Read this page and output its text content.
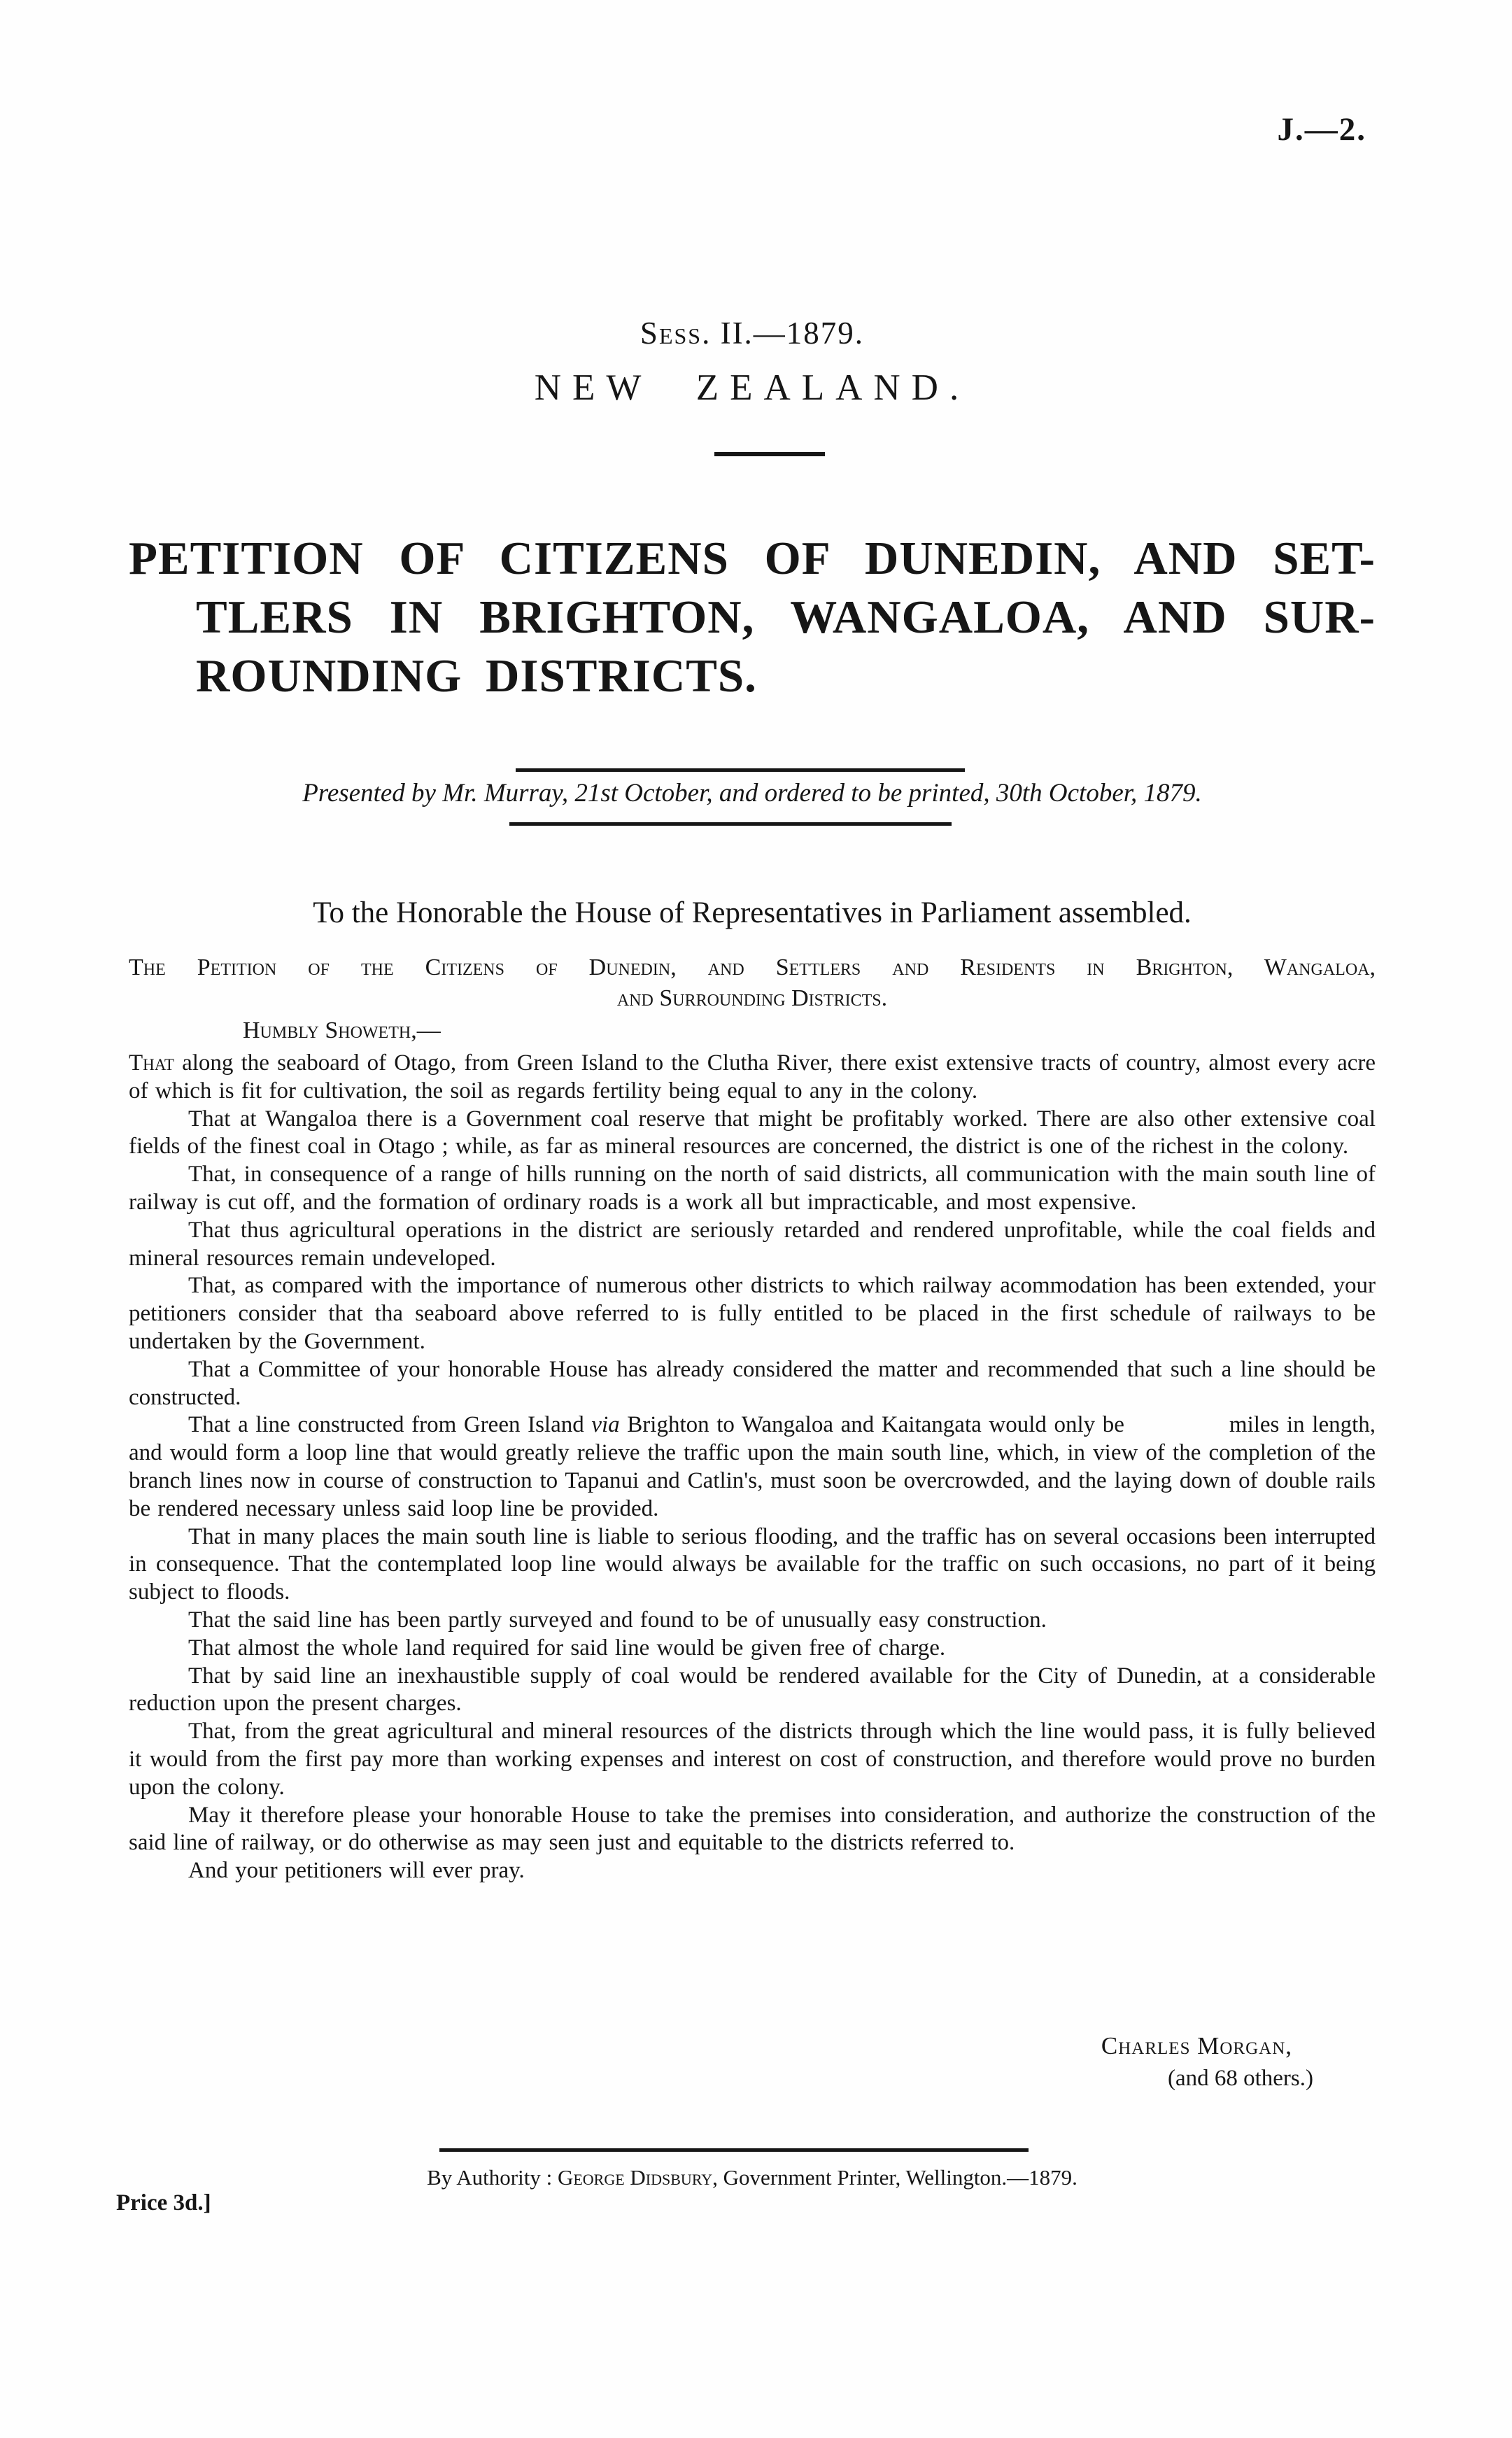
J.—2.
Sess. II.—1879.
NEW ZEALAND.
PETITION OF CITIZENS OF DUNEDIN, AND SET-
TLERS IN BRIGHTON, WANGALOA, AND SUR-
ROUNDING DISTRICTS.
Presented by Mr. Murray, 21st October, and ordered to be printed, 30th October, 1879.
To the Honorable the House of Representatives in Parliament assembled.
The Petition of the Citizens of Dunedin, and Settlers and Residents in Brighton, Wangaloa,
and Surrounding Districts.
Humbly Showeth,—

That along the seaboard of Otago, from Green Island to the Clutha River, there exist extensive tracts of country, almost every acre of which is fit for cultivation, the soil as regards fertility being equal to any in the colony.

That at Wangaloa there is a Government coal reserve that might be profitably worked. There are also other extensive coal fields of the finest coal in Otago ; while, as far as mineral resources are concerned, the district is one of the richest in the colony.

That, in consequence of a range of hills running on the north of said districts, all communication with the main south line of railway is cut off, and the formation of ordinary roads is a work all but impracticable, and most expensive.

That thus agricultural operations in the district are seriously retarded and rendered unprofitable, while the coal fields and mineral resources remain undeveloped.

That, as compared with the importance of numerous other districts to which railway acommodation has been extended, your petitioners consider that tha seaboard above referred to is fully entitled to be placed in the first schedule of railways to be undertaken by the Government.

That a Committee of your honorable House has already considered the matter and recommended that such a line should be constructed.

That a line constructed from Green Island via Brighton to Wangaloa and Kaitangata would only be	miles in length, and would form a loop line that would greatly relieve the traffic upon the main south line, which, in view of the completion of the branch lines now in course of construction to Tapanui and Catlin's, must soon be overcrowded, and the laying down of double rails be rendered necessary unless said loop line be provided.

That in many places the main south line is liable to serious flooding, and the traffic has on several occasions been interrupted in consequence. That the contemplated loop line would always be available for the traffic on such occasions, no part of it being subject to floods.

That the said line has been partly surveyed and found to be of unusually easy construction.

That almost the whole land required for said line would be given free of charge.

That by said line an inexhaustible supply of coal would be rendered available for the City of Dunedin, at a considerable reduction upon the present charges.

That, from the great agricultural and mineral resources of the districts through which the line would pass, it is fully believed it would from the first pay more than working expenses and interest on cost of construction, and therefore would prove no burden upon the colony.

May it therefore please your honorable House to take the premises into consideration, and authorize the construction of the said line of railway, or do otherwise as may seen just and equitable to the districts referred to.

And your petitioners will ever pray.

Charles Morgan,
(and 68 others.)
By Authority : George Didsbury, Government Printer, Wellington.—1879.
Price 3d.]
